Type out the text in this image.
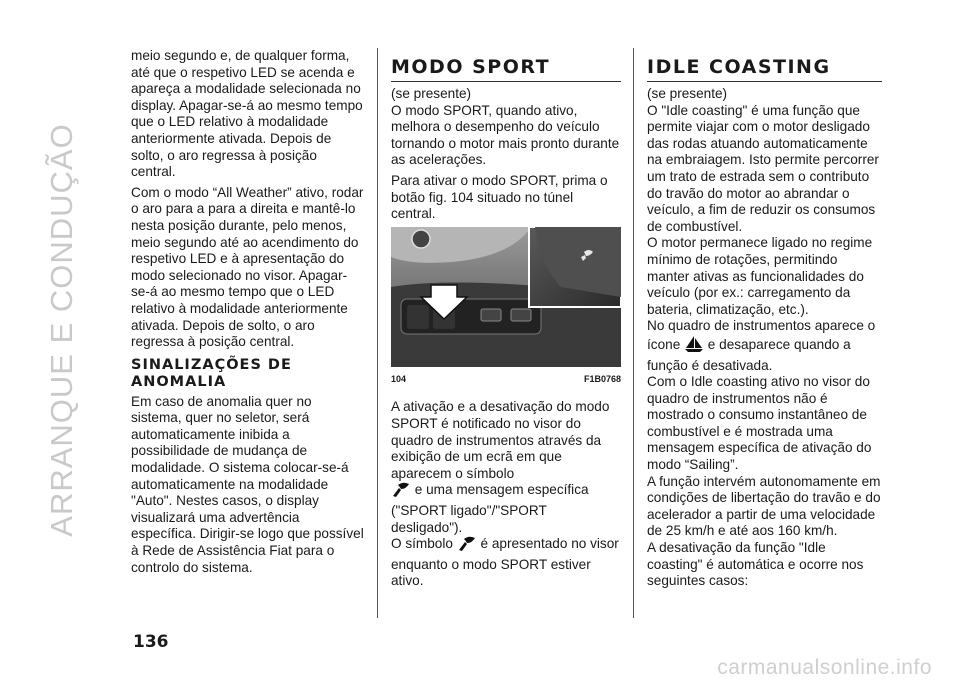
ARRANQUE E CONDUÇÃO

meio segundo e, de qualquer forma, até que o respetivo LED se acenda e apareça a modalidade selecionada no display. Apagar-se-á ao mesmo tempo que o LED relativo à modalidade anteriormente ativada. Depois de solto, o aro regressa à posição central.

Com o modo “All Weather” ativo, rodar o aro para a para a direita e mantê-lo nesta posição durante, pelo menos, meio segundo até ao acendimento do respetivo LED e à apresentação do modo selecionado no visor. Apagar-se-á ao mesmo tempo que o LED relativo à modalidade anteriormente ativada. Depois de solto, o aro regressa à posição central.

SINALIZAÇÕES DE ANOMALIA

Em caso de anomalia quer no sistema, quer no seletor, será automaticamente inibida a possibilidade de mudança de modalidade. O sistema colocar-se-á automaticamente na modalidade "Auto". Nestes casos, o display visualizará uma advertência específica. Dirigir-se logo que possível à Rede de Assistência Fiat para o controlo do sistema.

MODO SPORT

(se presente)

O modo SPORT, quando ativo, melhora o desempenho do veículo tornando o motor mais pronto durante as acelerações.

Para ativar o modo SPORT, prima o botão fig. 104 situado no túnel central.

104	F1B0768

A ativação e a desativação do modo SPORT é notificado no visor do quadro de instrumentos através da exibição de um ecrã em que aparecem o símbolo
e uma mensagem específica ("SPORT ligado"/"SPORT desligado").

O símbolo  é apresentado no visor enquanto o modo SPORT estiver ativo.

IDLE COASTING

(se presente)

O "Idle coasting" é uma função que permite viajar com o motor desligado das rodas atuando automaticamente na embraiagem. Isto permite percorrer um trato de estrada sem o contributo do travão do motor ao abrandar o veículo, a fim de reduzir os consumos de combustível.

O motor permanece ligado no regime mínimo de rotações, permitindo manter ativas as funcionalidades do veículo (por ex.: carregamento da bateria, climatização, etc.).

No quadro de instrumentos aparece o ícone  e desaparece quando a função é desativada.

Com o Idle coasting ativo no visor do quadro de instrumentos não é mostrado o consumo instantâneo de combustível e é mostrada uma mensagem específica de ativação do modo “Sailing”.

A função intervém autonomamente em condições de libertação do travão e do acelerador a partir de uma velocidade de 25 km/h e até aos 160 km/h.

A desativação da função "Idle coasting" é automática e ocorre nos seguintes casos:

136
carmanualsonline.info
